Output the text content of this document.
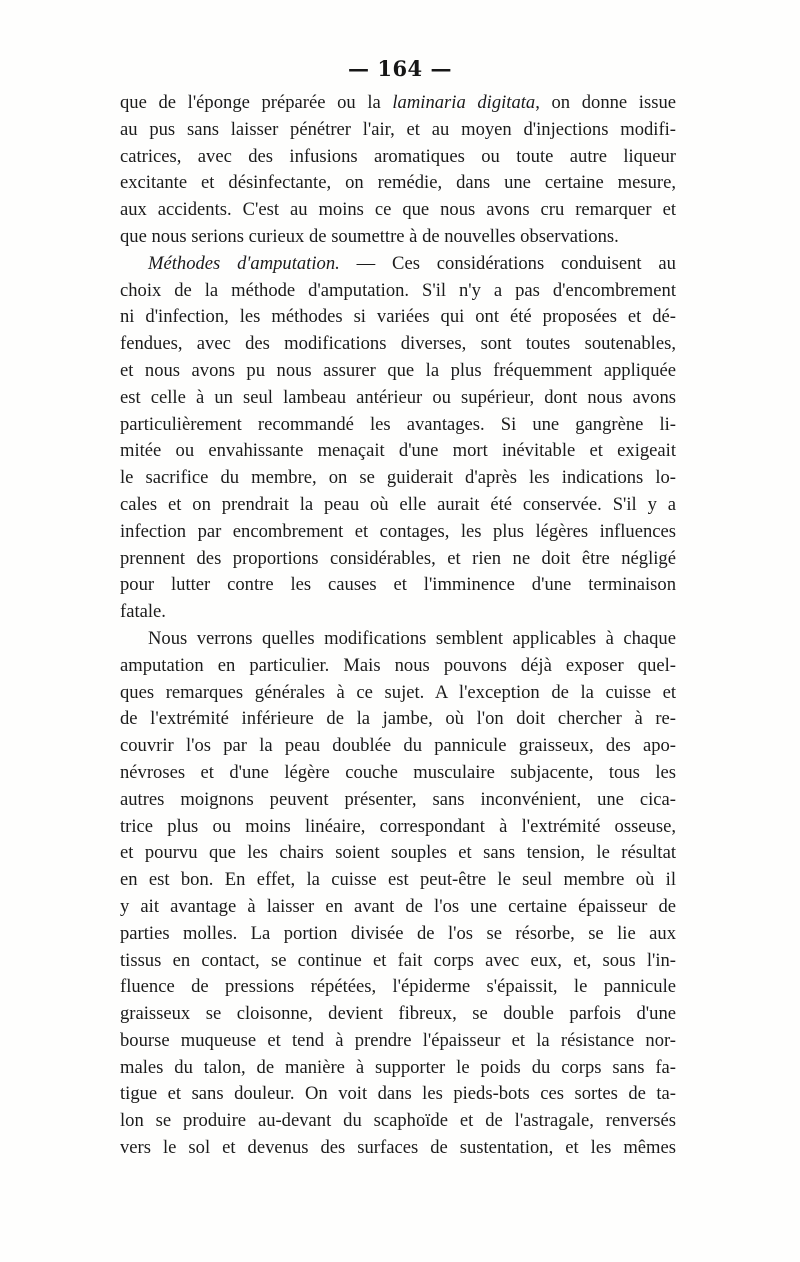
— 164 —
que de l'éponge préparée ou la laminaria digitata, on donne issue
au pus sans laisser pénétrer l'air, et au moyen d'injections modifi-
catrices, avec des infusions aromatiques ou toute autre liqueur
excitante et désinfectante, on remédie, dans une certaine mesure,
aux accidents. C'est au moins ce que nous avons cru remarquer et
que nous serions curieux de soumettre à de nouvelles observations.
Méthodes d'amputation. — Ces considérations conduisent au
choix de la méthode d'amputation. S'il n'y a pas d'encombrement
ni d'infection, les méthodes si variées qui ont été proposées et dé-
fendues, avec des modifications diverses, sont toutes soutenables,
et nous avons pu nous assurer que la plus fréquemment appliquée
est celle à un seul lambeau antérieur ou supérieur, dont nous avons
particulièrement recommandé les avantages. Si une gangrène li-
mitée ou envahissante menaçait d'une mort inévitable et exigeait
le sacrifice du membre, on se guiderait d'après les indications lo-
cales et on prendrait la peau où elle aurait été conservée. S'il y a
infection par encombrement et contages, les plus légères influences
prennent des proportions considérables, et rien ne doit être négligé
pour lutter contre les causes et l'imminence d'une terminaison
fatale.
Nous verrons quelles modifications semblent applicables à chaque
amputation en particulier. Mais nous pouvons déjà exposer quel-
ques remarques générales à ce sujet. A l'exception de la cuisse et
de l'extrémité inférieure de la jambe, où l'on doit chercher à re-
couvrir l'os par la peau doublée du pannicule graisseux, des apo-
névroses et d'une légère couche musculaire subjacente, tous les
autres moignons peuvent présenter, sans inconvénient, une cica-
trice plus ou moins linéaire, correspondant à l'extrémité osseuse,
et pourvu que les chairs soient souples et sans tension, le résultat
en est bon. En effet, la cuisse est peut-être le seul membre où il
y ait avantage à laisser en avant de l'os une certaine épaisseur de
parties molles. La portion divisée de l'os se résorbe, se lie aux
tissus en contact, se continue et fait corps avec eux, et, sous l'in-
fluence de pressions répétées, l'épiderme s'épaissit, le pannicule
graisseux se cloisonne, devient fibreux, se double parfois d'une
bourse muqueuse et tend à prendre l'épaisseur et la résistance nor-
males du talon, de manière à supporter le poids du corps sans fa-
tigue et sans douleur. On voit dans les pieds-bots ces sortes de ta-
lon se produire au-devant du scaphoïde et de l'astragale, renversés
vers le sol et devenus des surfaces de sustentation, et les mêmes
